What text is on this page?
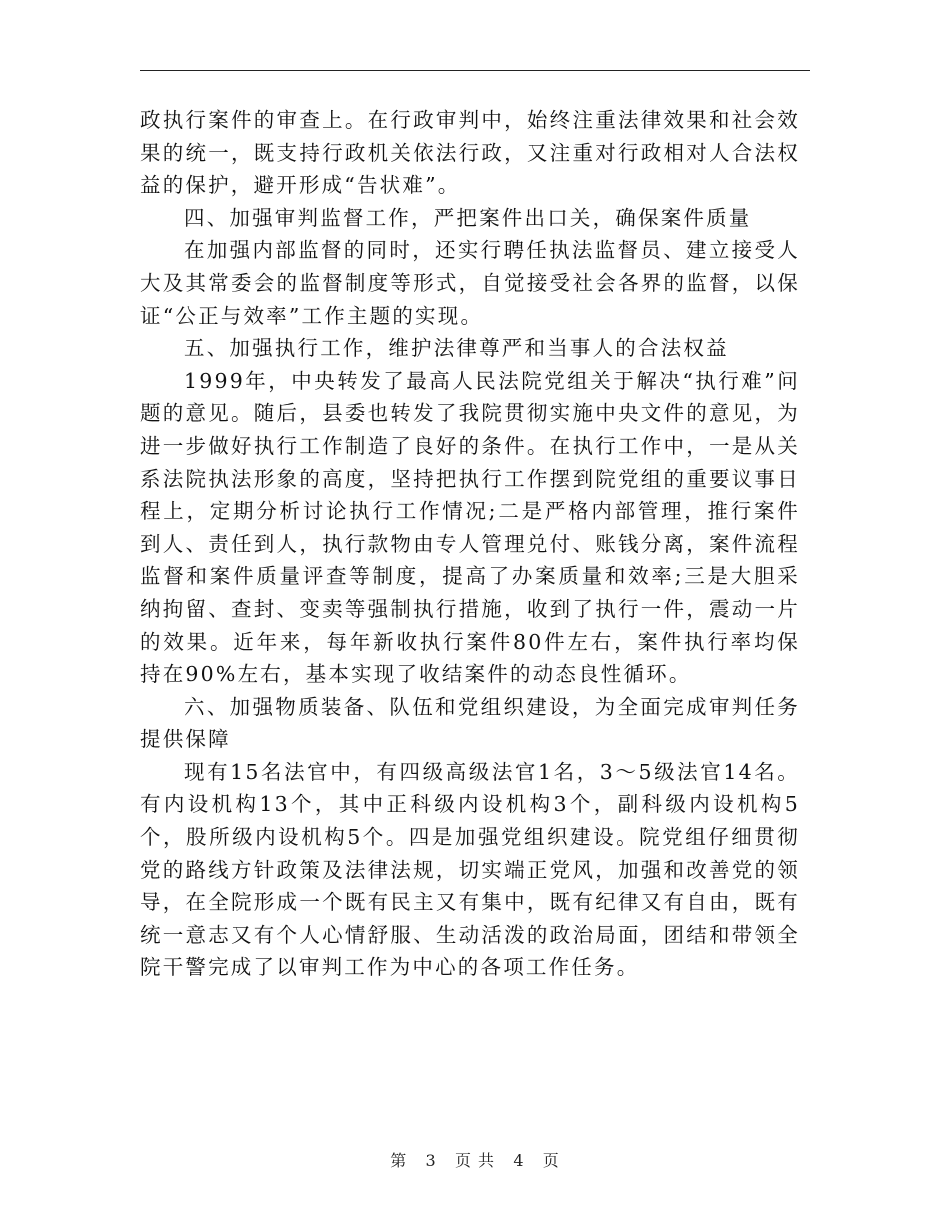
政执行案件的审查上。在行政审判中，始终注重法律效果和社会效果的统一，既支持行政机关依法行政，又注重对行政相对人合法权益的保护，避开形成“告状难”。

四、加强审判监督工作，严把案件出口关，确保案件质量

在加强内部监督的同时，还实行聘任执法监督员、建立接受人大及其常委会的监督制度等形式，自觉接受社会各界的监督，以保证“公正与效率”工作主题的实现。

五、加强执行工作，维护法律尊严和当事人的合法权益

1999年，中央转发了最高人民法院党组关于解决“执行难”问题的意见。随后，县委也转发了我院贯彻实施中央文件的意见，为进一步做好执行工作制造了良好的条件。在执行工作中，一是从关系法院执法形象的高度，坚持把执行工作摆到院党组的重要议事日程上，定期分析讨论执行工作情况;二是严格内部管理，推行案件到人、责任到人，执行款物由专人管理兑付、账钱分离，案件流程监督和案件质量评查等制度，提高了办案质量和效率;三是大胆采纳拘留、查封、变卖等强制执行措施，收到了执行一件，震动一片的效果。近年来，每年新收执行案件80件左右，案件执行率均保持在90%左右，基本实现了收结案件的动态良性循环。

六、加强物质装备、队伍和党组织建设，为全面完成审判任务提供保障

现有15名法官中，有四级高级法官1名，3～5级法官14名。有内设机构13个，其中正科级内设机构3个，副科级内设机构5个，股所级内设机构5个。四是加强党组织建设。院党组仔细贯彻党的路线方针政策及法律法规，切实端正党风，加强和改善党的领导，在全院形成一个既有民主又有集中，既有纪律又有自由，既有统一意志又有个人心情舒服、生动活泼的政治局面，团结和带领全院干警完成了以审判工作为中心的各项工作任务。

第 3 页 共 4 页
